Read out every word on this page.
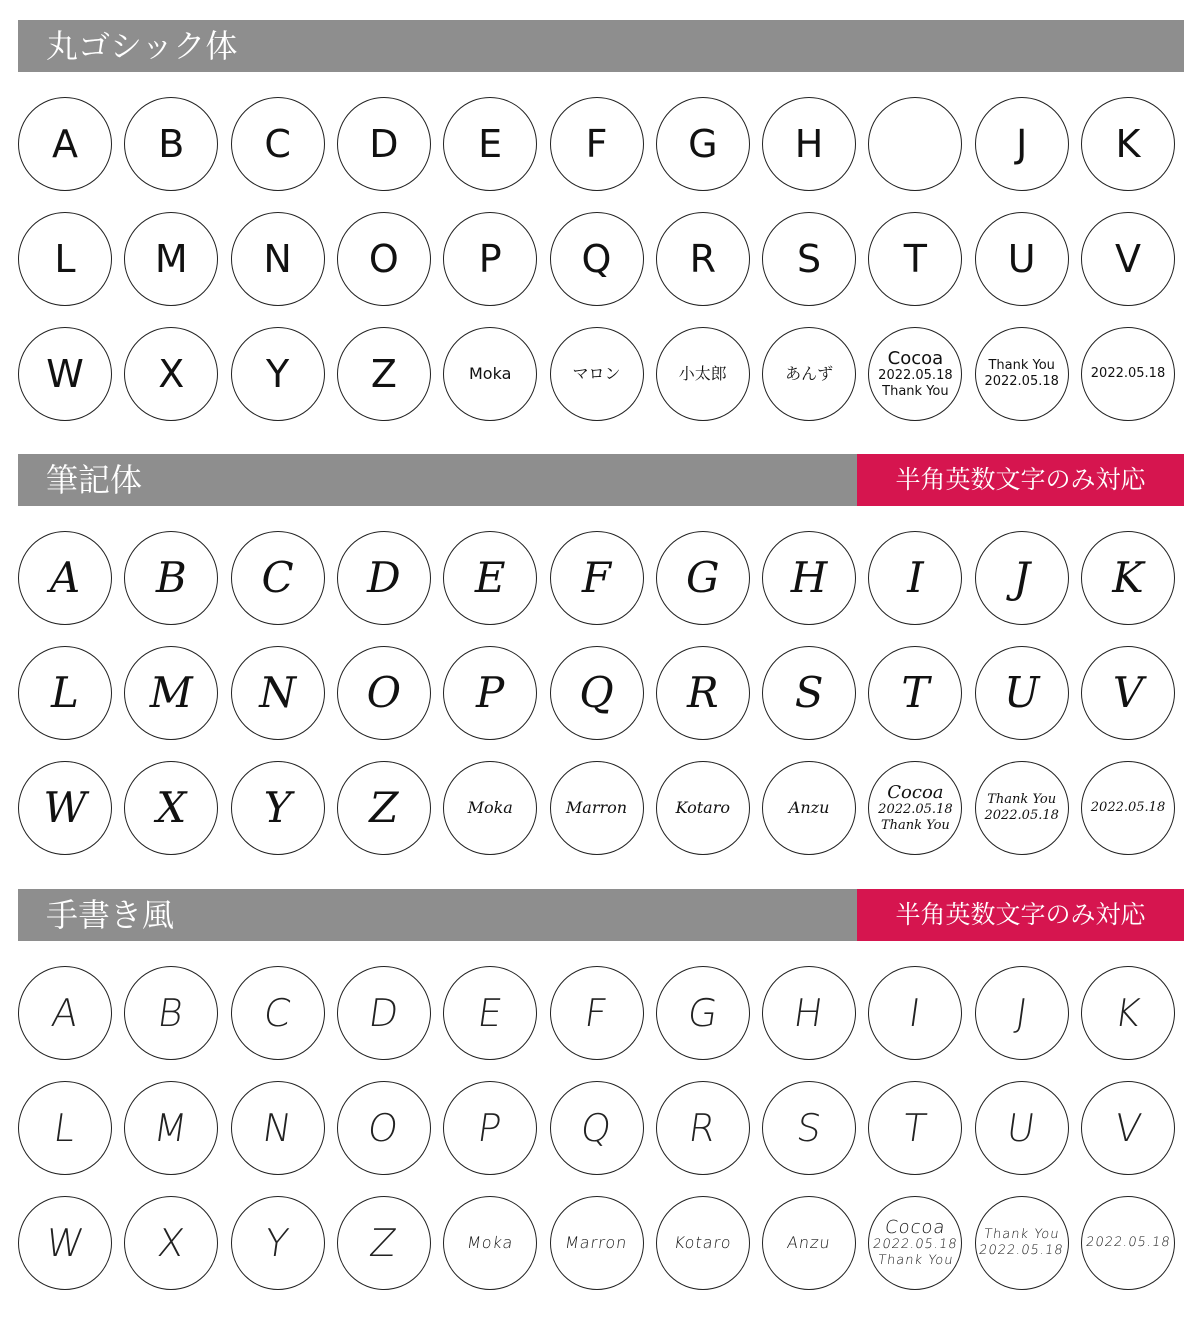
丸ゴシック体
A B C D E F G H	J K
L M N O P Q R S T U V
W X Y Z	Moka	マロン	小太郎	あんず
Cocoa
2022.05.18
Thank You
Thank You
2022.05.18
2022.05.18
筆記体	半角英数文字のみ対応
A B C D E F G H I J K
L M N O P Q R S T U V
W X Y Z	Moka	Marron	Kotaro	Anzu
Cocoa
2022.05.18
Thank You
Thank You
2022.05.18
2022.05.18
手書き風	半角英数文字のみ対応
A B C D E F G H I J K
L M N O P Q R S T U V
W X Y Z	Moka	Marron	Kotaro	Anzu
Cocoa
2022.05.18
Thank You
Thank You
2022.05.18
2022.05.18
